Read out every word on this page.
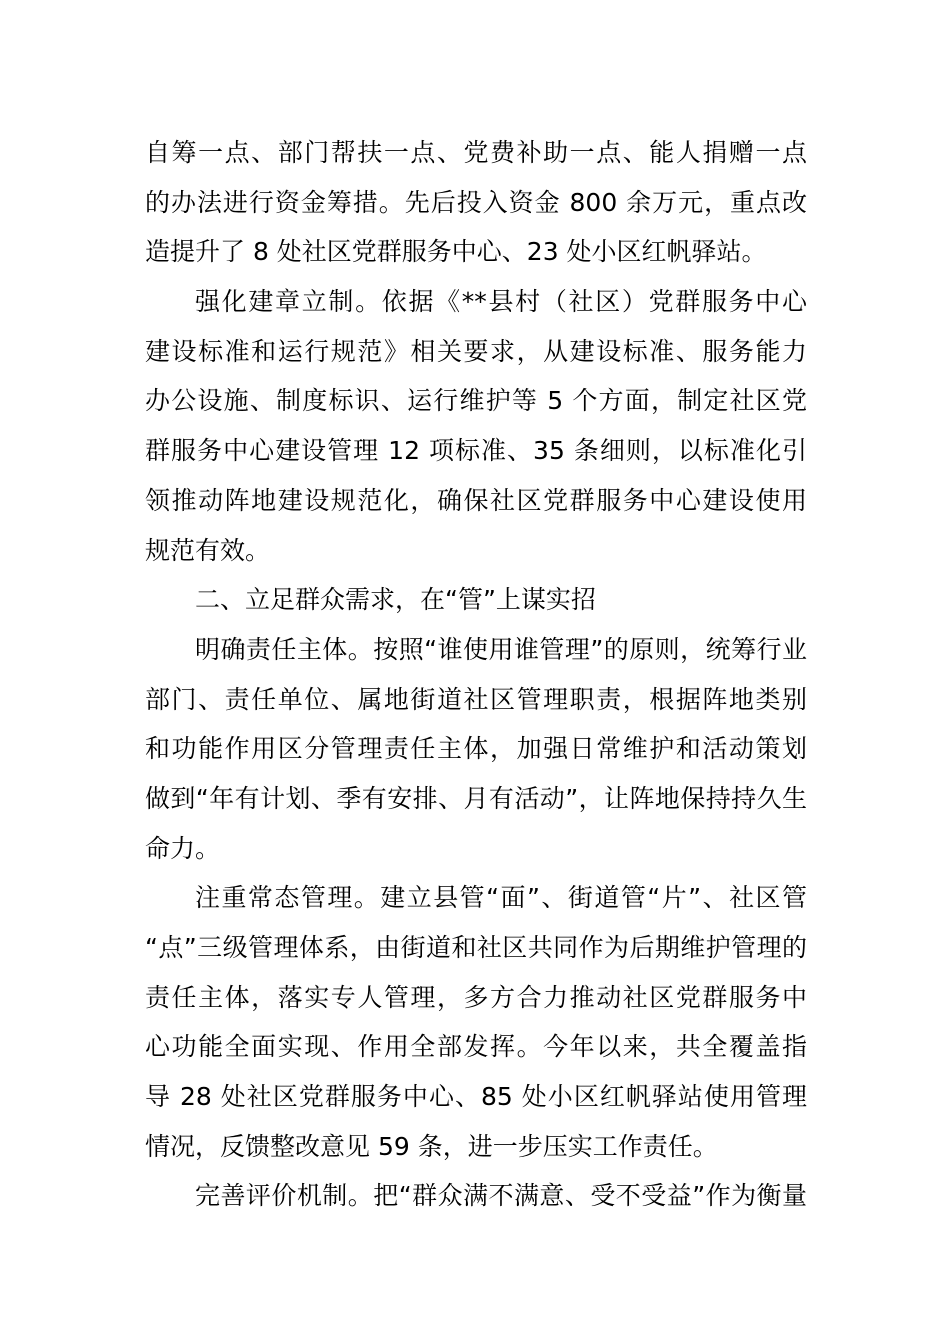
自筹一点、部门帮扶一点、党费补助一点、能人捐赠一点
的办法进行资金筹措。先后投入资金 800 余万元，重点改
造提升了 8 处社区党群服务中心、23 处小区红帆驿站。
强化建章立制。依据《**县村（社区）党群服务中心
建设标准和运行规范》相关要求，从建设标准、服务能力
办公设施、制度标识、运行维护等 5 个方面，制定社区党
群服务中心建设管理 12 项标准、35 条细则，以标准化引
领推动阵地建设规范化，确保社区党群服务中心建设使用
规范有效。
二、立足群众需求，在“管”上谋实招
明确责任主体。按照“谁使用谁管理”的原则，统筹行业
部门、责任单位、属地街道社区管理职责，根据阵地类别
和功能作用区分管理责任主体，加强日常维护和活动策划
做到“年有计划、季有安排、月有活动”，让阵地保持持久生
命力。
注重常态管理。建立县管“面”、街道管“片”、社区管
“点”三级管理体系，由街道和社区共同作为后期维护管理的
责任主体，落实专人管理，多方合力推动社区党群服务中
心功能全面实现、作用全部发挥。今年以来，共全覆盖指
导 28 处社区党群服务中心、85 处小区红帆驿站使用管理
情况，反馈整改意见 59 条，进一步压实工作责任。
完善评价机制。把“群众满不满意、受不受益”作为衡量
